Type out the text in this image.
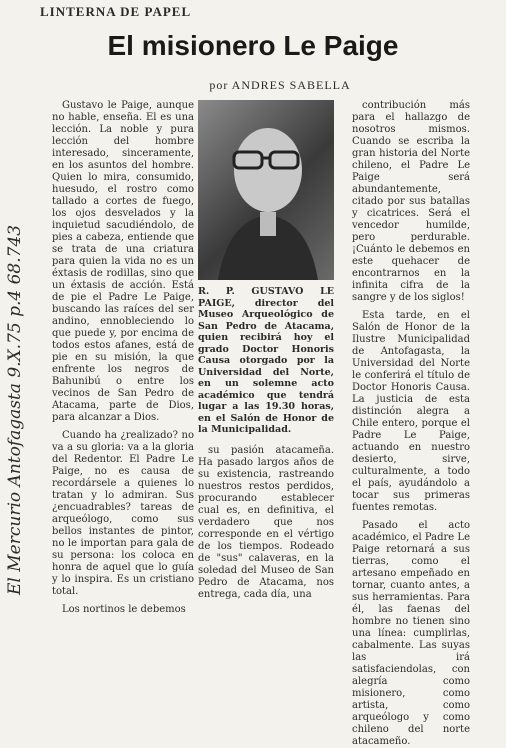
LINTERNA DE PAPEL
El misionero Le Paige
por ANDRES SABELLA
El Mercurio Antofagasta 9.X.75 p.4 68.743

Gustavo le Paige, aunque no hable, enseña. El es una lección. La noble y pura lección del hombre interesado, sinceramente, en los asuntos del hombre. Quien lo mira, consumido, huesudo, el rostro como tallado a cortes de fuego, los ojos desvelados y la inquietud sacudiéndolo, de pies a cabeza, entiende que se trata de una criatura para quien la vida no es un éxtasis de rodillas, sino que un éxtasis de acción. Está de pie el Padre Le Paige, buscando las raíces del ser andino, ennobleciendo lo que puede y, por encima de todos estos afanes, está de pie en su misión, la que enfrente los negros de Bahunibú o entre los vecinos de San Pedro de Atacama, parte de Dios, para alcanzar a Dios.

Cuando ha ¿realizado? no va a su gloria: va a la gloria del Redentor. El Padre Le Paige, no es causa de recordársele a quienes lo tratan y lo admiran. Sus ¿encuadrables? tareas de arqueólogo, como sus bellos instantes de pintor, no le importan para gala de su persona: los coloca en honra de aquel que lo guía y lo inspira. Es un cristiano total.

Los nortinos le debemos

R. P. GUSTAVO LE PAIGE, director del Museo Arqueológico de San Pedro de Atacama, quien recibirá hoy el grado Doctor Honoris Causa otorgado por la Universidad del Norte, en un solemne acto académico que tendrá lugar a las 19.30 horas, en el Salón de Honor de la Municipalidad.

su pasión atacameña. Ha pasado largos años de su existencia, rastreando nuestros restos perdidos, procurando establecer cual es, en definitiva, el verdadero que nos corresponde en el vértigo de los tiempos. Rodeado de "sus" calaveras, en la soledad del Museo de San Pedro de Atacama, nos entrega, cada día, una

contribución más para el hallazgo de nosotros mismos. Cuando se escriba la gran historia del Norte chileno, el Padre Le Paige será abundantemente, citado por sus batallas y cicatrices. Será el vencedor humilde, pero perdurable. ¡Cuánto le debemos en este quehacer de encontrarnos en la infinita cifra de la sangre y de los siglos!

Esta tarde, en el Salón de Honor de la Ilustre Municipalidad de Antofagasta, la Universidad del Norte le conferirá el título de Doctor Honoris Causa. La justicia de esta distinción alegra a Chile entero, porque el Padre Le Paige, actuando en nuestro desierto, sirve, culturalmente, a todo el país, ayudándolo a tocar sus primeras fuentes remotas.

Pasado el acto académico, el Padre Le Paige retornará a sus tierras, como el artesano empeñado en tornar, cuanto antes, a sus herramientas. Para él, las faenas del hombre no tienen sino una línea: cumplirlas, cabalmente. Las suyas las irá satisfaciendolas, con alegría como misionero, como artista, como arqueólogo y como chileno del norte atacameño.
